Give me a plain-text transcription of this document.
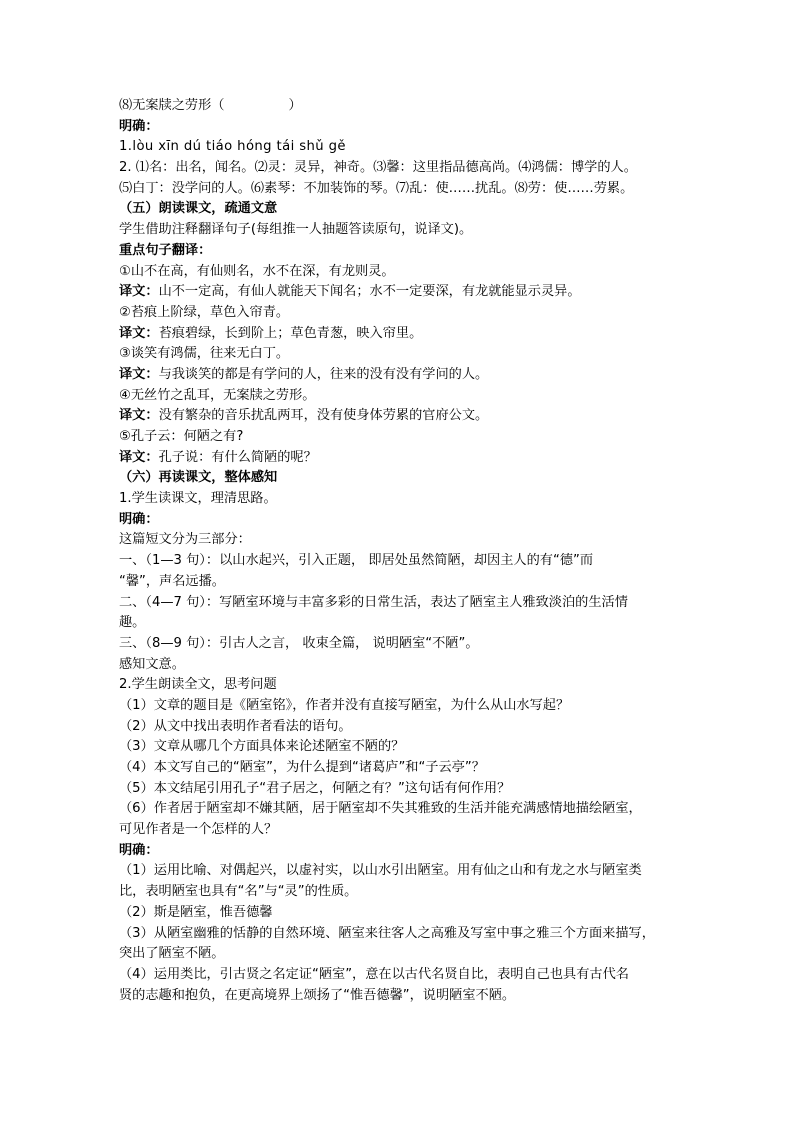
⑻无案牍之劳形（	）
明确：
1.lòu xīn dú tiáo hóng tái shǔ gě
2. ⑴名：出名，闻名。⑵灵：灵异，神奇。⑶馨：这里指品德高尚。⑷鸿儒：博学的人。
⑸白丁：没学问的人。⑹素琴：不加装饰的琴。⑺乱：使……扰乱。⑻劳：使……劳累。
（五）朗读课文，疏通文意
学生借助注释翻译句子(每组推一人抽题答读原句，说译文)。
重点句子翻译：
①山不在高，有仙则名，水不在深，有龙则灵。
译文：山不一定高，有仙人就能天下闻名；水不一定要深，有龙就能显示灵异。
②苔痕上阶绿，草色入帘青。
译文：苔痕碧绿，长到阶上；草色青葱，映入帘里。
③谈笑有鸿儒，往来无白丁。
译文：与我谈笑的都是有学问的人，往来的没有没有学问的人。
④无丝竹之乱耳，无案牍之劳形。
译文：没有繁杂的音乐扰乱两耳，没有使身体劳累的官府公文。
⑤孔子云：何陋之有?
译文：孔子说：有什么简陋的呢？
（六）再读课文，整体感知
1.学生读课文，理清思路。
明确：
这篇短文分为三部分：
一、（1—3 句）：以山水起兴，引入正题， 即居处虽然简陋，却因主人的有“德”而
“馨”，声名远播。
二、（4—7 句）：写陋室环境与丰富多彩的日常生活，表达了陋室主人雅致淡泊的生活情
趣。
三、（8—9 句）：引古人之言， 收束全篇， 说明陋室“不陋”。
感知文意。
2.学生朗读全文，思考问题
（1）文章的题目是《陋室铭》，作者并没有直接写陋室，为什么从山水写起？
（2）从文中找出表明作者看法的语句。
（3）文章从哪几个方面具体来论述陋室不陋的？
（4）本文写自己的“陋室”，为什么提到“诸葛庐”和“子云亭”？
（5）本文结尾引用孔子“君子居之，何陋之有？”这句话有何作用？
（6）作者居于陋室却不嫌其陋，居于陋室却不失其雅致的生活并能充满感情地描绘陋室，
可见作者是一个怎样的人？
明确：
（1）运用比喻、对偶起兴，以虚衬实，以山水引出陋室。用有仙之山和有龙之水与陋室类
比，表明陋室也具有“名”与“灵”的性质。
（2）斯是陋室，惟吾德馨
（3）从陋室幽雅的恬静的自然环境、陋室来往客人之高雅及写室中事之雅三个方面来描写，
突出了陋室不陋。
（4）运用类比，引古贤之名定证“陋室”，意在以古代名贤自比，表明自己也具有古代名
贤的志趣和抱负，在更高境界上颂扬了“惟吾德馨”，说明陋室不陋。
